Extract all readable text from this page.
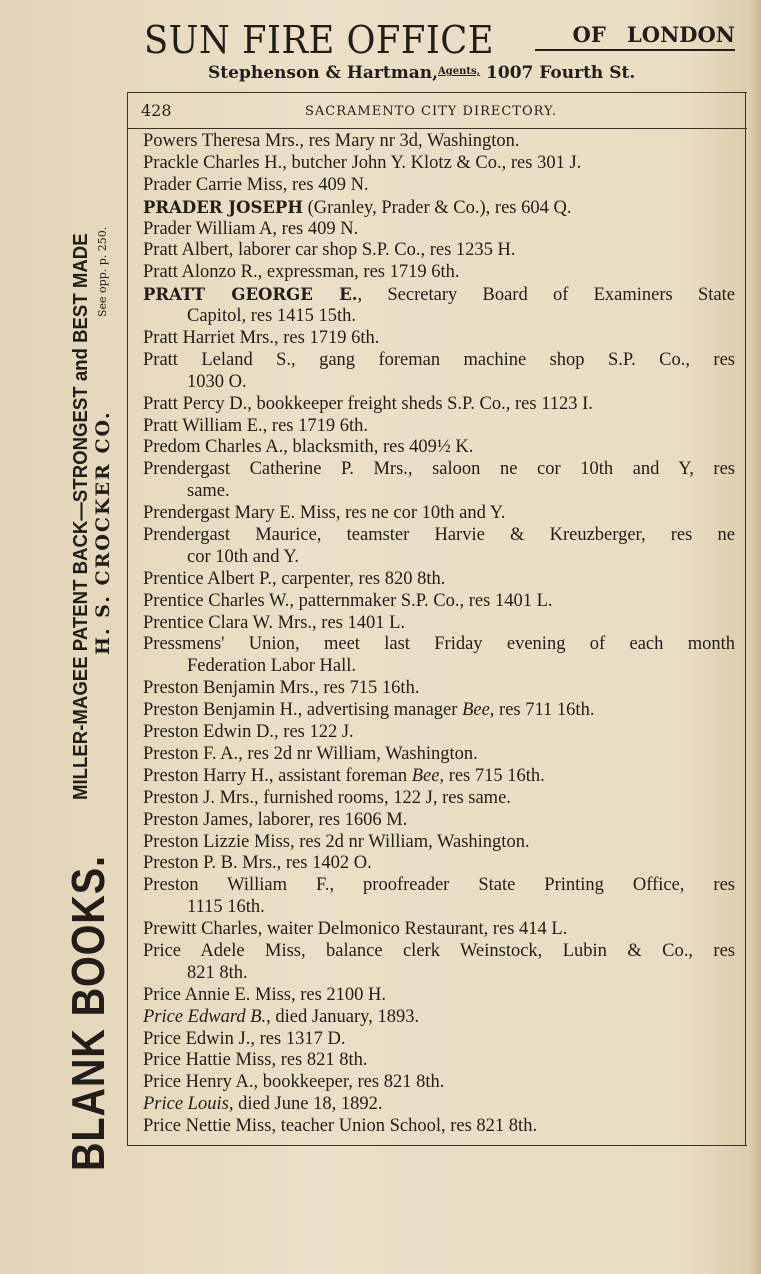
SUN FIRE OFFICE	OF LONDON
Stephenson & Hartman,$^{Agents,}$ 1007 Fourth St.
BLANK BOOKS.
MILLER-MAGEE PATENT BACK—STRONGEST and BEST MADE H. S. CROCKER CO.
See opp. p. 250.
428	SACRAMENTO CITY DIRECTORY.
Powers Theresa Mrs., res Mary nr 3d, Washington.
Prackle Charles H., butcher John Y. Klotz & Co., res 301 J.
Prader Carrie Miss, res 409 N.
PRADER JOSEPH (Granley, Prader & Co.), res 604 Q.
Prader William A, res 409 N.
Pratt Albert, laborer car shop S.P. Co., res 1235 H.
Pratt Alonzo R., expressman, res 1719 6th.
PRATT GEORGE E., Secretary Board of Examiners State
Capitol, res 1415 15th.
Pratt Harriet Mrs., res 1719 6th.
Pratt Leland S., gang foreman machine shop S.P. Co., res
1030 O.
Pratt Percy D., bookkeeper freight sheds S.P. Co., res 1123 I.
Pratt William E., res 1719 6th.
Predom Charles A., blacksmith, res 409½ K.
Prendergast Catherine P. Mrs., saloon ne cor 10th and Y, res
same.
Prendergast Mary E. Miss, res ne cor 10th and Y.
Prendergast Maurice, teamster Harvie & Kreuzberger, res ne
cor 10th and Y.
Prentice Albert P., carpenter, res 820 8th.
Prentice Charles W., patternmaker S.P. Co., res 1401 L.
Prentice Clara W. Mrs., res 1401 L.
Pressmens' Union, meet last Friday evening of each month
Federation Labor Hall.
Preston Benjamin Mrs., res 715 16th.
Preston Benjamin H., advertising manager Bee, res 711 16th.
Preston Edwin D., res 122 J.
Preston F. A., res 2d nr William, Washington.
Preston Harry H., assistant foreman Bee, res 715 16th.
Preston J. Mrs., furnished rooms, 122 J, res same.
Preston James, laborer, res 1606 M.
Preston Lizzie Miss, res 2d nr William, Washington.
Preston P. B. Mrs., res 1402 O.
Preston William F., proofreader State Printing Office, res
1115 16th.
Prewitt Charles, waiter Delmonico Restaurant, res 414 L.
Price Adele Miss, balance clerk Weinstock, Lubin & Co., res
821 8th.
Price Annie E. Miss, res 2100 H.
Price Edward B., died January, 1893.
Price Edwin J., res 1317 D.
Price Hattie Miss, res 821 8th.
Price Henry A., bookkeeper, res 821 8th.
Price Louis, died June 18, 1892.
Price Nettie Miss, teacher Union School, res 821 8th.
